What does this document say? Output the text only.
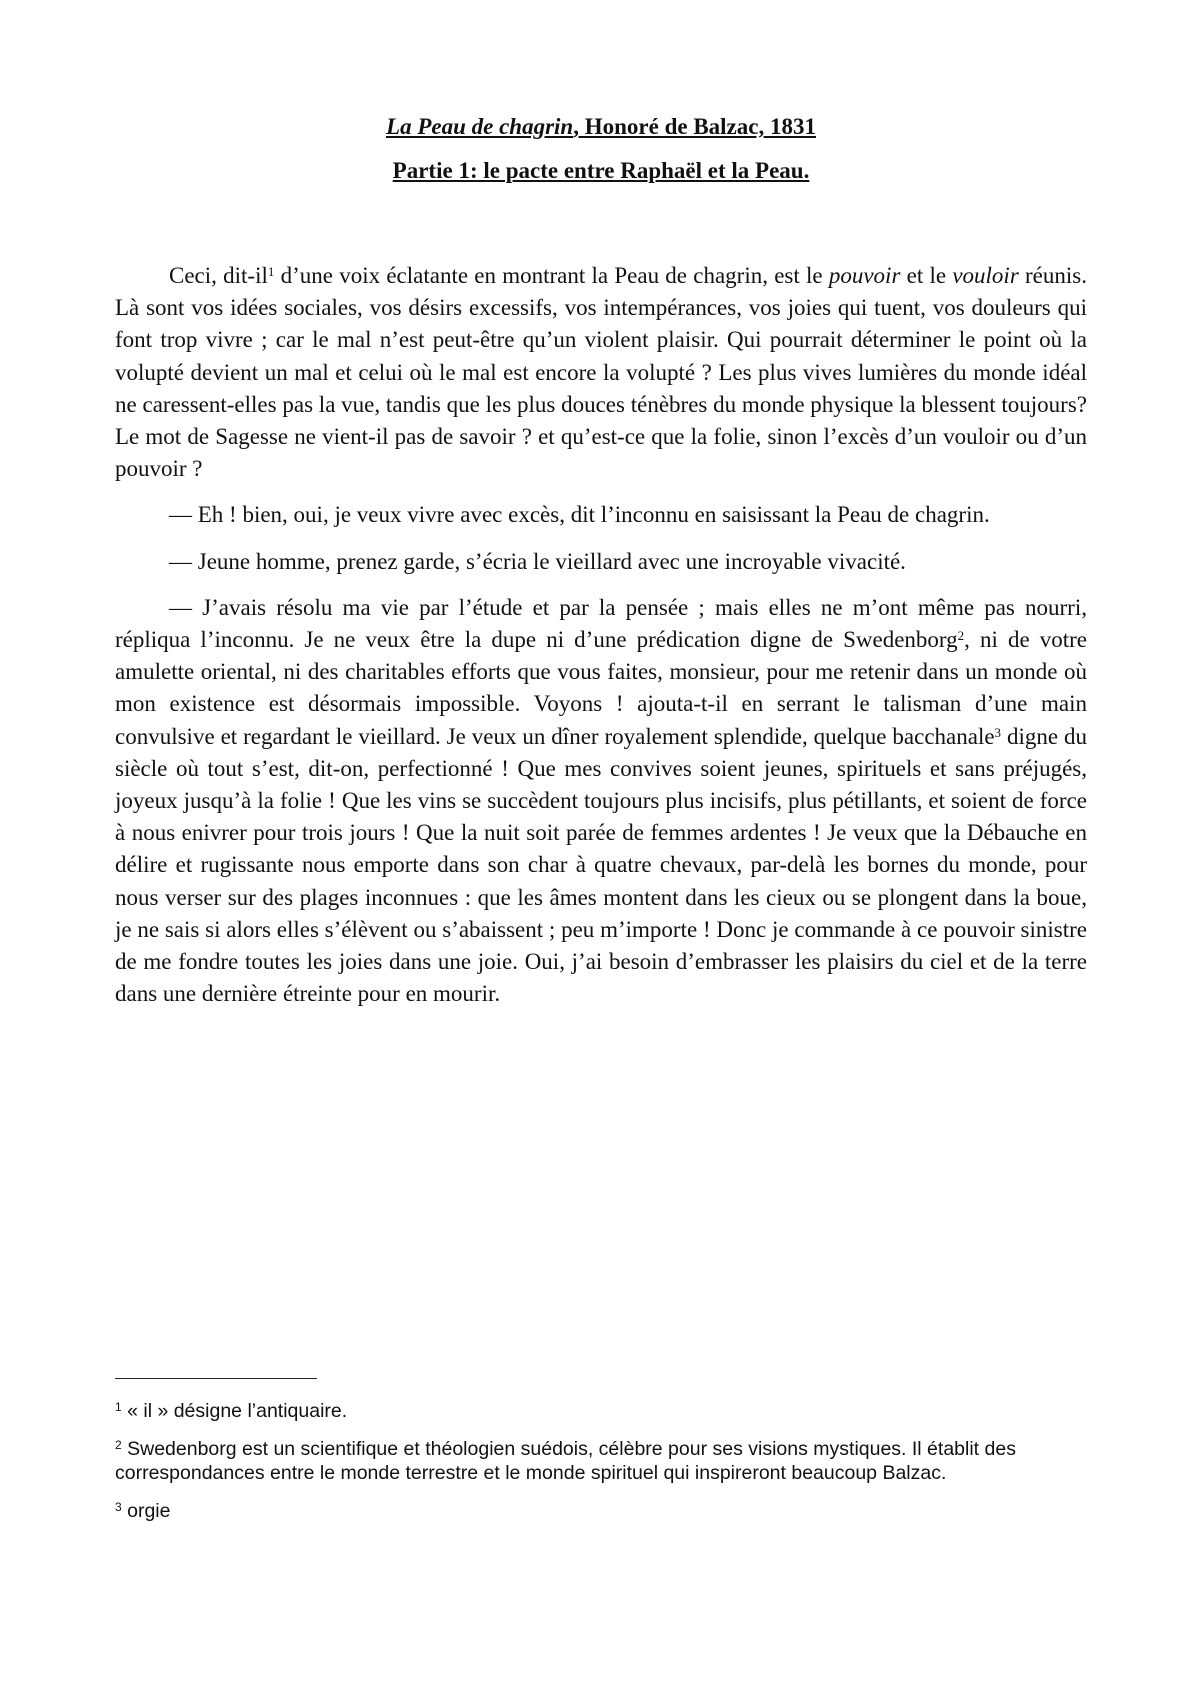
La Peau de chagrin, Honoré de Balzac, 1831

Partie 1: le pacte entre Raphaël et la Peau.

Ceci, dit-$il^1$ d’une voix éclatante en montrant la Peau de chagrin, est le pouvoir et le vouloir réunis. Là sont vos idées sociales, vos désirs excessifs, vos intempérances, vos joies qui tuent, vos douleurs qui font trop vivre ; car le mal n’est peut-être qu’un violent plaisir. Qui pourrait déterminer le point où la volupté devient un mal et celui où le mal est encore la volupté ? Les plus vives lumières du monde idéal ne caressent-elles pas la vue, tandis que les plus douces ténèbres du monde physique la blessent toujours? Le mot de Sagesse ne vient-il pas de savoir ? et qu’est-ce que la folie, sinon l’excès d’un vouloir ou d’un pouvoir ?

— Eh ! bien, oui, je veux vivre avec excès, dit l’inconnu en saisissant la Peau de chagrin.

— Jeune homme, prenez garde, s’écria le vieillard avec une incroyable vivacité.

— J’avais résolu ma vie par l’étude et par la pensée ; mais elles ne m’ont même pas nourri, répliqua l’inconnu. Je ne veux être la dupe ni d’une prédication digne de Swedenborg$^2$, ni de votre amulette oriental, ni des charitables efforts que vous faites, monsieur, pour me retenir dans un monde où mon existence est désormais impossible. Voyons ! ajouta-t-il en serrant le talisman d’une main convulsive et regardant le vieillard. Je veux un dîner royalement splendide, quelque bacchanale$^3$ digne du siècle où tout s’est, dit-on, perfectionné ! Que mes convives soient jeunes, spirituels et sans préjugés, joyeux jusqu’à la folie ! Que les vins se succèdent toujours plus incisifs, plus pétillants, et soient de force à nous enivrer pour trois jours ! Que la nuit soit parée de femmes ardentes ! Je veux que la Débauche en délire et rugissante nous emporte dans son char à quatre chevaux, par-delà les bornes du monde, pour nous verser sur des plages inconnues : que les âmes montent dans les cieux ou se plongent dans la boue, je ne sais si alors elles s’élèvent ou s’abaissent ; peu m’importe ! Donc je commande à ce pouvoir sinistre de me fondre toutes les joies dans une joie. Oui, j’ai besoin d’embrasser les plaisirs du ciel et de la terre dans une dernière étreinte pour en mourir.

$^1$ « il » désigne l’antiquaire.

$^2$ Swedenborg est un scientifique et théologien suédois, célèbre pour ses visions mystiques. Il établit des correspondances entre le monde terrestre et le monde spirituel qui inspireront beaucoup Balzac.

$^3$ orgie
